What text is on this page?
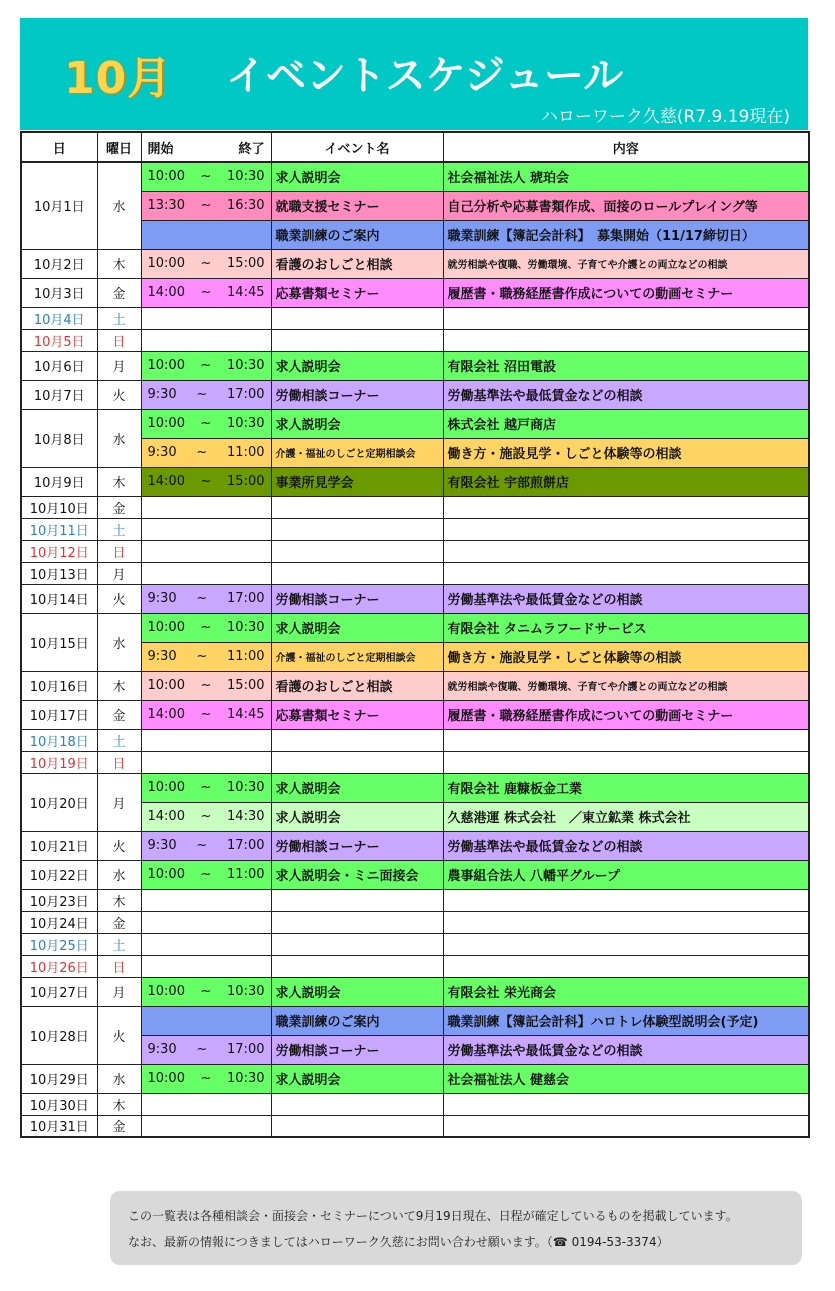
10月 イベントスケジュール
ハローワーク久慈(R7.9.19現在)
日	曜日	開始 終了	イベント名	内容
10月1日	水	10:00 ~ 10:30	求人説明会	社会福祉法人 琥珀会

		13:30 ~ 16:30	就職支援セミナー	自己分析や応募書類作成、面接のロールプレイング等
			職業訓練のご案内	職業訓練【簿記会計科】　募集開始（11/17締切日）
10月2日	木	10:00 ~ 15:00	看護のおしごと相談	就労相談や復職、労働環境、子育てや介護との両立などの相談
10月3日	金	14:00 ~ 14:45	応募書類セミナー	履歴書・職務経歴書作成についての動画セミナー
10月4日	土			
10月5日	日			
10月6日	月	10:00 ~ 10:30	求人説明会	有限会社 沼田電設
10月7日	火	9:30 ~ 17:00	労働相談コーナー	労働基準法や最低賃金などの相談
10月8日	水	10:00 ~ 10:30	求人説明会	株式会社 越戸商店

		9:30 ~ 11:00	介護・福祉のしごと定期相談会	働き方・施設見学・しごと体験等の相談
10月9日	木	14:00 ~ 15:00	事業所見学会	有限会社 宇部煎餅店
10月10日	金			
10月11日	土			
10月12日	日			
10月13日	月			
10月14日	火	9:30 ~ 17:00	労働相談コーナー	労働基準法や最低賃金などの相談
10月15日	水	10:00 ~ 10:30	求人説明会	有限会社 タニムラフードサービス

		9:30 ~ 11:00	介護・福祉のしごと定期相談会	働き方・施設見学・しごと体験等の相談
10月16日	木	10:00 ~ 15:00	看護のおしごと相談	就労相談や復職、労働環境、子育てや介護との両立などの相談
10月17日	金	14:00 ~ 14:45	応募書類セミナー	履歴書・職務経歴書作成についての動画セミナー
10月18日	土			
10月19日	日			
10月20日	月	10:00 ~ 10:30	求人説明会	有限会社 鹿糠板金工業

		14:00 ~ 14:30	求人説明会	久慈港運 株式会社　／東立鉱業 株式会社
10月21日	火	9:30 ~ 17:00	労働相談コーナー	労働基準法や最低賃金などの相談
10月22日	水	10:00 ~ 11:00	求人説明会・ミニ面接会	農事組合法人 八幡平グループ
10月23日	木			
10月24日	金			
10月25日	土			
10月26日	日			
10月27日	月	10:00 ~ 10:30	求人説明会	有限会社 栄光商会
10月28日	火		職業訓練のご案内	職業訓練【簿記会計科】ハロトレ体験型説明会(予定)

		9:30 ~ 17:00	労働相談コーナー	労働基準法や最低賃金などの相談
10月29日	水	10:00 ~ 10:30	求人説明会	社会福祉法人 健慈会
10月30日	木			
10月31日	金			

この一覧表は各種相談会・面接会・セミナーについて9月19日現在、日程が確定しているものを掲載しています。

なお、最新の情報につきましてはハローワーク久慈にお問い合わせ願います。（☎ 0194-53-3374）
